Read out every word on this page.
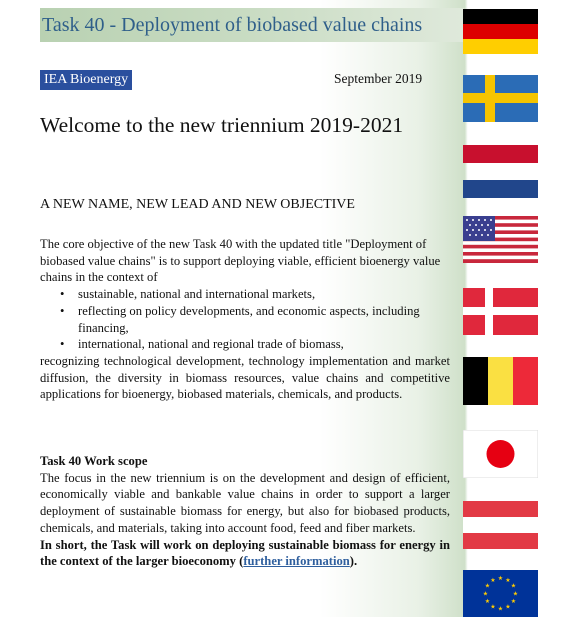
Task 40 - Deployment of biobased value chains
IEA Bioenergy	September 2019
Welcome to the new triennium 2019-2021
A NEW NAME, NEW LEAD AND NEW OBJECTIVE

The core objective of the new Task 40 with the updated title "Deployment of biobased value chains" is to support deploying viable, efficient bioenergy value chains in the context of

• sustainable, national and international markets,
• reflecting on policy developments, and economic aspects, including financing,
• international, national and regional trade of biomass,

recognizing technological development, technology implementation and market diffusion, the diversity in biomass resources, value chains and competitive applications for bioenergy, biobased materials, chemicals, and products.

Task 40 Work scope

The focus in the new triennium is on the development and design of efficient, economically viable and bankable value chains in order to support a larger deployment of sustainable biomass for energy, but also for biobased products, chemicals, and materials, taking into account food, feed and fiber markets.

In short, the Task will work on deploying sustainable biomass for energy in the context of the larger bioeconomy (further information).

★ ★
★
★
★
★
★
★
★
★
★
★
